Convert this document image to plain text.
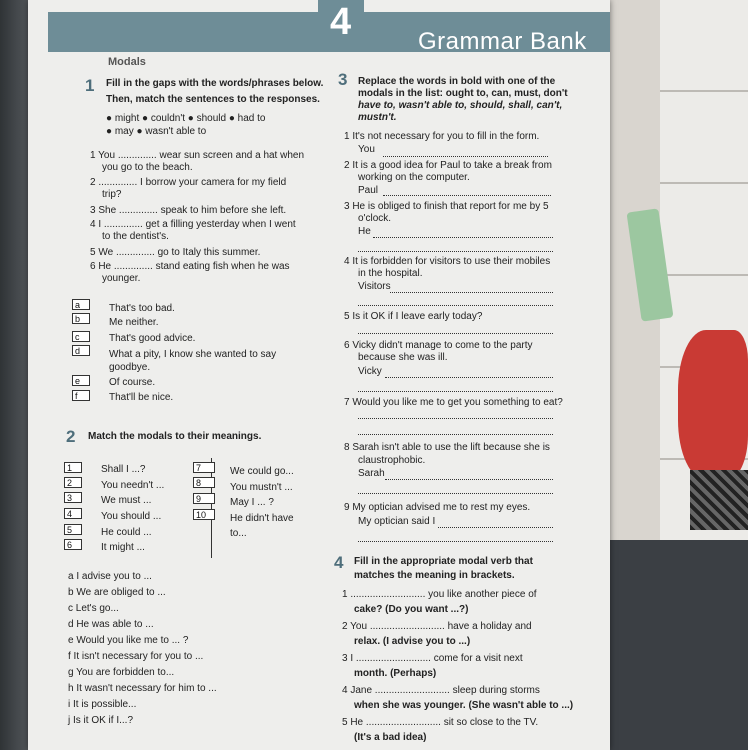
4	Grammar Bank
Modals
1 Fill in the gaps with the words/phrases below.
Then, match the sentences to the responses.
● might ● couldn't ● should ● had to
● may ● wasn't able to
1 You .............. wear sun screen and a hat when
you go to the beach.
2 .............. I borrow your camera for my field
trip?
3 She .............. speak to him before she left.
4 I .............. get a filling yesterday when I went
to the dentist's.
5 We .............. go to Italy this summer.
6 He .............. stand eating fish when he was
younger.
a	That's too bad.
b	Me neither.
c	That's good advice.
d	What a pity, I know she wanted to say
goodbye.
e	Of course.
f	That'll be nice.
2 Match the modals to their meanings.
1	Shall I ...?
2	You needn't ...
3	We must ...
4	You should ...
5	He could ...
6	It might ...
7	We could go...
8	You mustn't ...
9	May I ... ?
10	He didn't have
to...
a I advise you to ...
b We are obliged to ...
c Let's go...
d He was able to ...
e Would you like me to ... ?
f It isn't necessary for you to ...
g You are forbidden to...
h It wasn't necessary for him to ...
i It is possible...
j Is it OK if I...?
3 Replace the words in bold with one of the
modals in the list: ought to, can, must, don't
have to, wasn't able to, should, shall, can't,
mustn't.
1 It's not necessary for you to fill in the form.
You
2 It is a good idea for Paul to take a break from
working on the computer.
Paul
3 He is obliged to finish that report for me by 5
o'clock.
He
4 It is forbidden for visitors to use their mobiles
in the hospital.
Visitors
5 Is it OK if I leave early today?
6 Vicky didn't manage to come to the party
because she was ill.
Vicky
7 Would you like me to get you something to eat?
8 Sarah isn't able to use the lift because she is
claustrophobic.
Sarah
9 My optician advised me to rest my eyes.
My optician said I
4 Fill in the appropriate modal verb that
matches the meaning in brackets.
1 ........................... you like another piece of
cake? (Do you want ...?)
2 You ........................... have a holiday and
relax. (I advise you to ...)
3 I ........................... come for a visit next
month. (Perhaps)
4 Jane ........................... sleep during storms
when she was younger. (She wasn't able to ...)
5 He ........................... sit so close to the TV.
(It's a bad idea)
